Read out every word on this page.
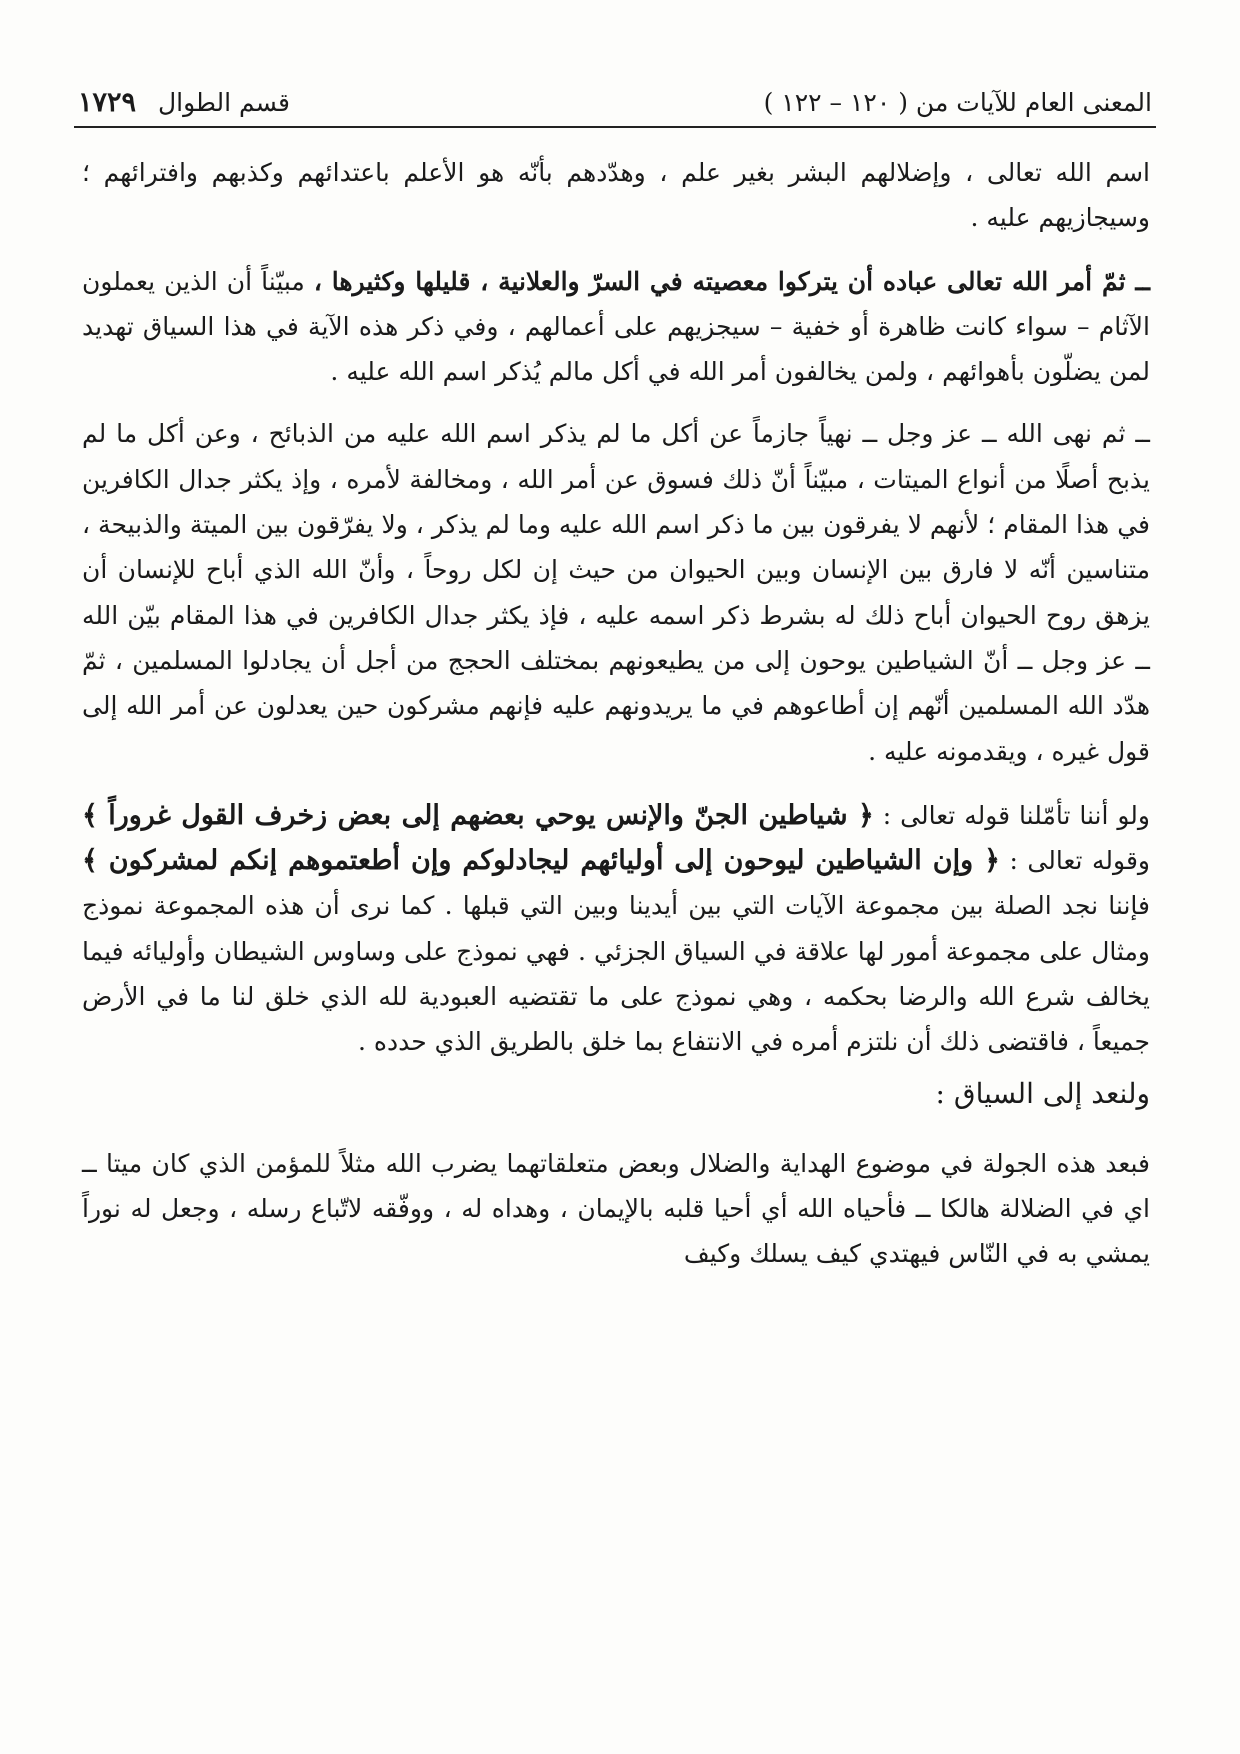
المعنى العام للآيات من ( ١٢٠ – ١٢٢ )
قسم الطوال
١٧٢٩

اسم الله تعالى ، وإضلالهم البشر بغير علم ، وهدّدهم بأنّه هو الأعلم باعتدائهم وكذبهم وافترائهم ؛ وسيجازيهم عليه .

ــ ثمّ أمر الله تعالى عباده أن يتركوا معصيته في السرّ والعلانية ، قليلها وكثيرها ، مبيّناً أن الذين يعملون الآثام – سواء كانت ظاهرة أو خفية – سيجزيهم على أعمالهم ، وفي ذكر هذه الآية في هذا السياق تهديد لمن يضلّون بأهوائهم ، ولمن يخالفون أمر الله في أكل مالم يُذكر اسم الله عليه .

ــ ثم نهى الله ــ عز وجل ــ نهياً جازماً عن أكل ما لم يذكر اسم الله عليه من الذبائح ، وعن أكل ما لم يذبح أصلًا من أنواع الميتات ، مبيّناً أنّ ذلك فسوق عن أمر الله ، ومخالفة لأمره ، وإذ يكثر جدال الكافرين في هذا المقام ؛ لأنهم لا يفرقون بين ما ذكر اسم الله عليه وما لم يذكر ، ولا يفرّقون بين الميتة والذبيحة ، متناسين أنّه لا فارق بين الإنسان وبين الحيوان من حيث إن لكل روحاً ، وأنّ الله الذي أباح للإنسان أن يزهق روح الحيوان أباح ذلك له بشرط ذكر اسمه عليه ، فإذ يكثر جدال الكافرين في هذا المقام بيّن الله ــ عز وجل ــ أنّ الشياطين يوحون إلى من يطيعونهم بمختلف الحجج من أجل أن يجادلوا المسلمين ، ثمّ هدّد الله المسلمين أنّهم إن أطاعوهم في ما يريدونهم عليه فإنهم مشركون حين يعدلون عن أمر الله إلى قول غيره ، ويقدمونه عليه .

ولو أننا تأمّلنا قوله تعالى : ﴿ شياطين الجنّ والإنس يوحي بعضهم إلى بعض زخرف القول غروراً ﴾ وقوله تعالى : ﴿ وإن الشياطين ليوحون إلى أوليائهم ليجادلوكم وإن أطعتموهم إنكم لمشركون ﴾ فإننا نجد الصلة بين مجموعة الآيات التي بين أيدينا وبين التي قبلها . كما نرى أن هذه المجموعة نموذج ومثال على مجموعة أمور لها علاقة في السياق الجزئي . فهي نموذج على وساوس الشيطان وأوليائه فيما يخالف شرع الله والرضا بحكمه ، وهي نموذج على ما تقتضيه العبودية لله الذي خلق لنا ما في الأرض جميعاً ، فاقتضى ذلك أن نلتزم أمره في الانتفاع بما خلق بالطريق الذي حدده .

ولنعد إلى السياق :

فبعد هذه الجولة في موضوع الهداية والضلال وبعض متعلقاتهما يضرب الله مثلاً للمؤمن الذي كان ميتا ــ اي في الضلالة هالكا ــ فأحياه الله أي أحيا قلبه بالإيمان ، وهداه له ، ووفّقه لاتّباع رسله ، وجعل له نوراً يمشي به في النّاس فيهتدي كيف يسلك وكيف
